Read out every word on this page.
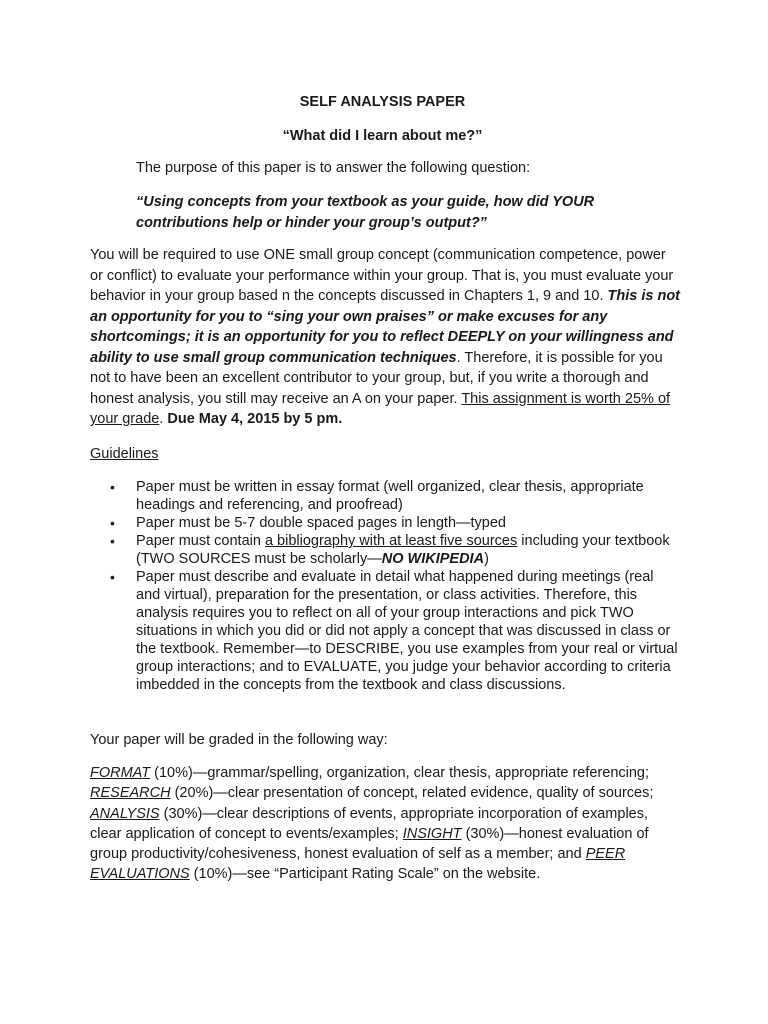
SELF ANALYSIS PAPER
“What did I learn about me?”
The purpose of this paper is to answer the following question:
“Using concepts from your textbook as your guide, how did YOUR contributions help or hinder your group’s output?”
You will be required to use ONE small group concept (communication competence, power or conflict) to evaluate your performance within your group. That is, you must evaluate your behavior in your group based n the concepts discussed in Chapters 1, 9 and 10. This is not an opportunity for you to “sing your own praises” or make excuses for any shortcomings; it is an opportunity for you to reflect DEEPLY on your willingness and ability to use small group communication techniques. Therefore, it is possible for you not to have been an excellent contributor to your group, but, if you write a thorough and honest analysis, you still may receive an A on your paper. This assignment is worth 25% of your grade. Due May 4, 2015 by 5 pm.
Guidelines
• Paper must be written in essay format (well organized, clear thesis, appropriate headings and referencing, and proofread)
• Paper must be 5-7 double spaced pages in length—typed
• Paper must contain a bibliography with at least five sources including your textbook (TWO SOURCES must be scholarly—NO WIKIPEDIA)
• Paper must describe and evaluate in detail what happened during meetings (real and virtual), preparation for the presentation, or class activities. Therefore, this analysis requires you to reflect on all of your group interactions and pick TWO situations in which you did or did not apply a concept that was discussed in class or the textbook. Remember—to DESCRIBE, you use examples from your real or virtual group interactions; and to EVALUATE, you judge your behavior according to criteria imbedded in the concepts from the textbook and class discussions.
Your paper will be graded in the following way:
FORMAT (10%)—grammar/spelling, organization, clear thesis, appropriate referencing; RESEARCH (20%)—clear presentation of concept, related evidence, quality of sources; ANALYSIS (30%)—clear descriptions of events, appropriate incorporation of examples, clear application of concept to events/examples; INSIGHT (30%)—honest evaluation of group productivity/cohesiveness, honest evaluation of self as a member; and PEER EVALUATIONS (10%)—see “Participant Rating Scale” on the website.
